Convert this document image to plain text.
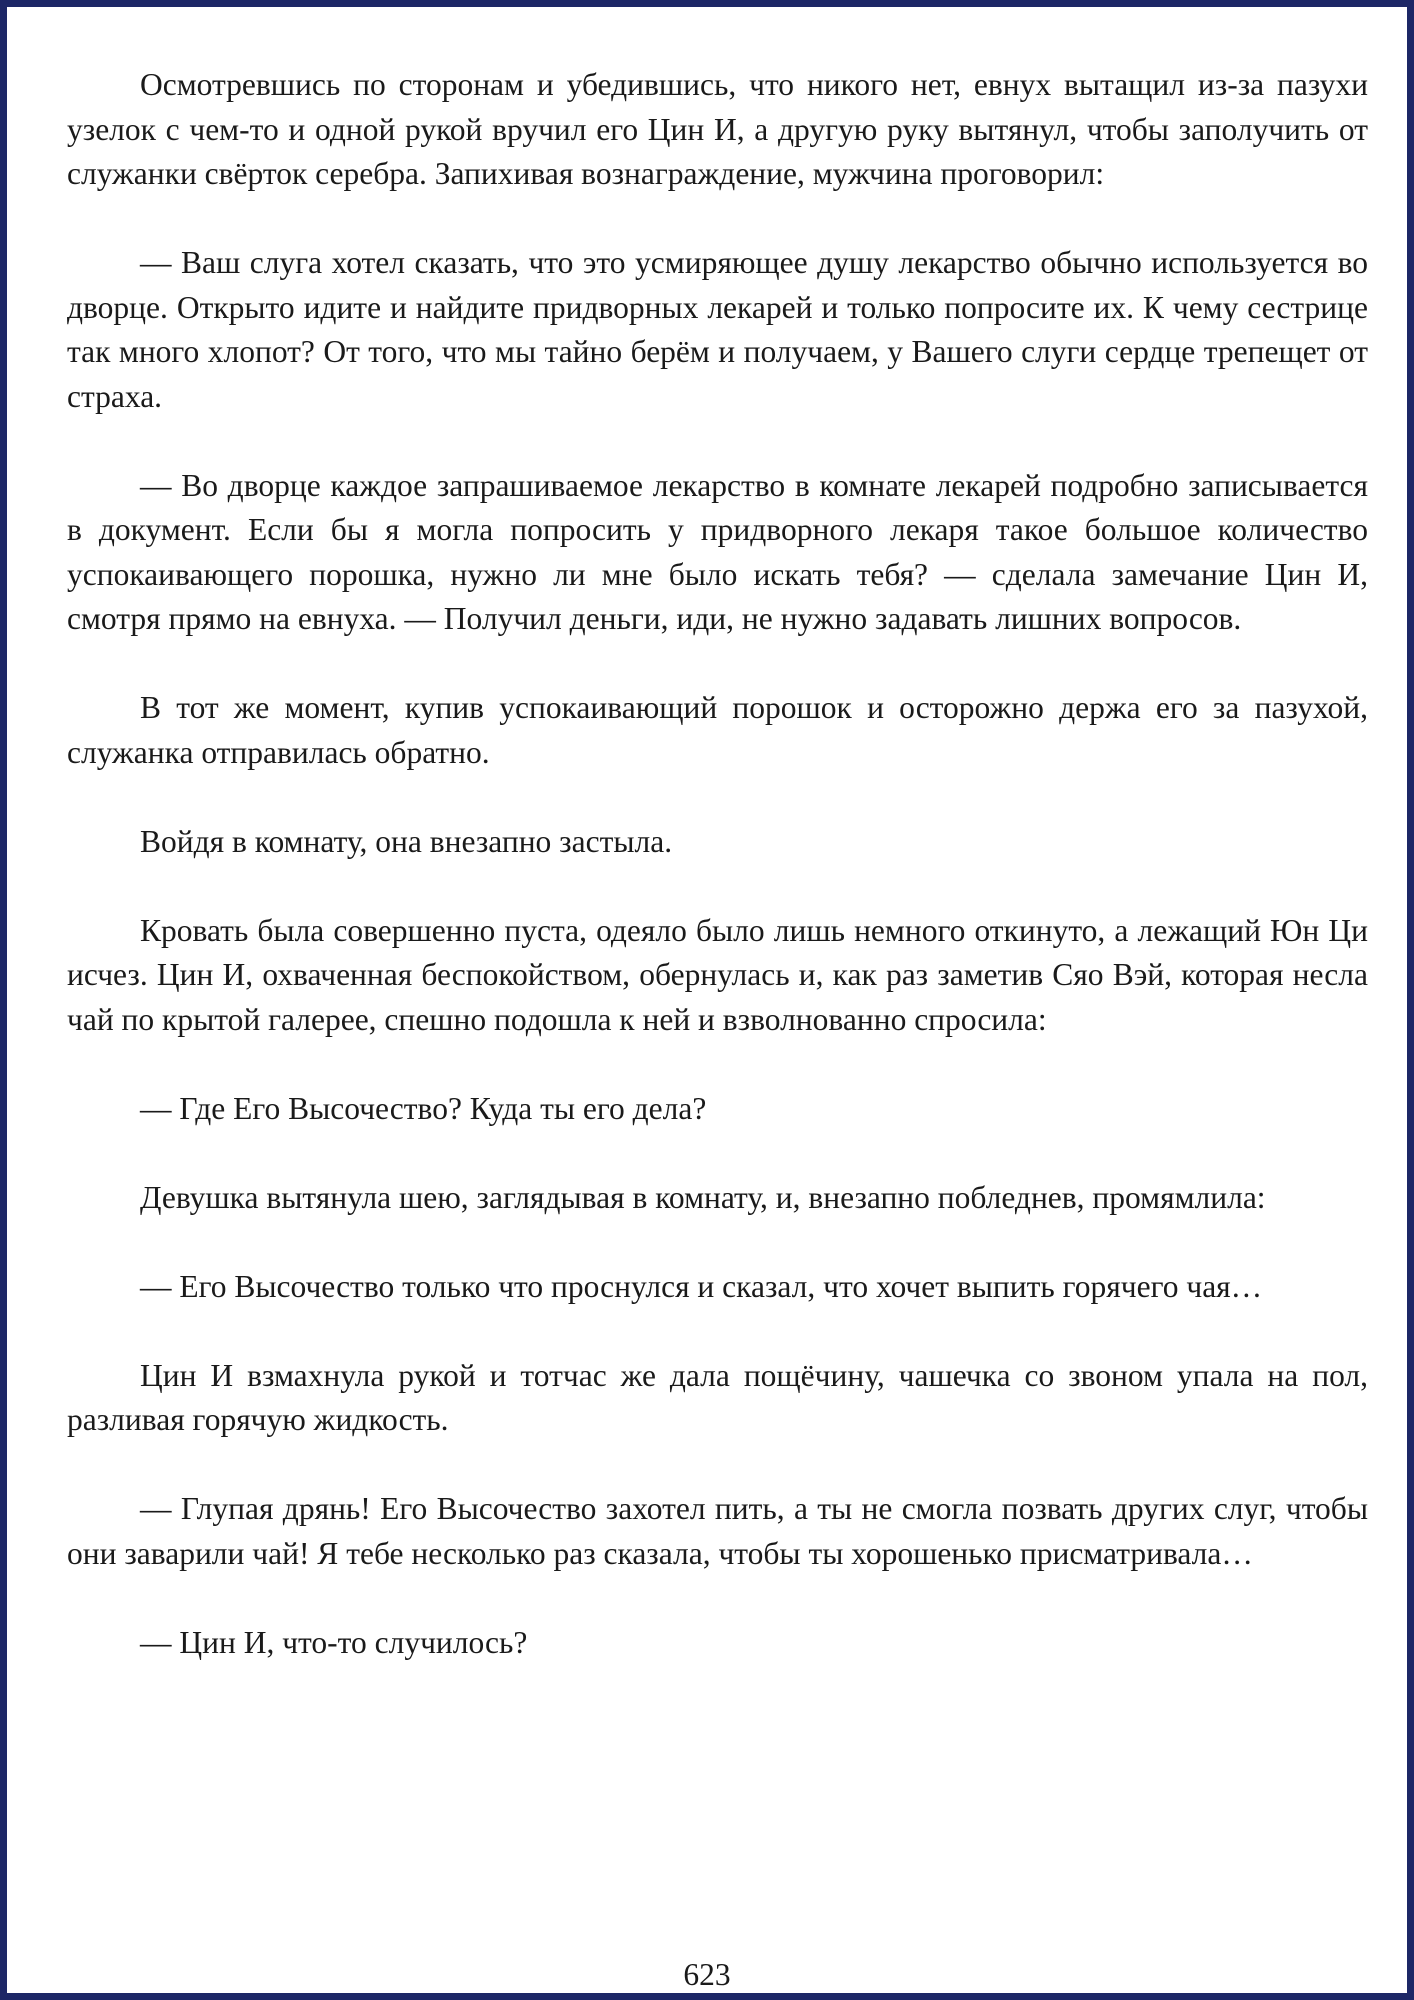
Осмотревшись по сторонам и убедившись, что никого нет, евнух вытащил из-за пазухи узелок с чем-то и одной рукой вручил его Цин И, а другую руку вытянул, чтобы заполучить от служанки свёрток серебра. Запихивая вознаграждение, мужчина проговорил:

— Ваш слуга хотел сказать, что это усмиряющее душу лекарство обычно используется во дворце. Открыто идите и найдите придворных лекарей и только попросите их. К чему сестрице так много хлопот? От того, что мы тайно берём и получаем, у Вашего слуги сердце трепещет от страха.

— Во дворце каждое запрашиваемое лекарство в комнате лекарей подробно записывается в документ. Если бы я могла попросить у придворного лекаря такое большое количество успокаивающего порошка, нужно ли мне было искать тебя? — сделала замечание Цин И, смотря прямо на евнуха. — Получил деньги, иди, не нужно задавать лишних вопросов.

В тот же момент, купив успокаивающий порошок и осторожно держа его за пазухой, служанка отправилась обратно.

Войдя в комнату, она внезапно застыла.

Кровать была совершенно пуста, одеяло было лишь немного откинуто, а лежащий Юн Ци исчез. Цин И, охваченная беспокойством, обернулась и, как раз заметив Сяо Вэй, которая несла чай по крытой галерее, спешно подошла к ней и взволнованно спросила:

— Где Его Высочество? Куда ты его дела?

Девушка вытянула шею, заглядывая в комнату, и, внезапно побледнев, промямлила:

— Его Высочество только что проснулся и сказал, что хочет выпить горячего чая…

Цин И взмахнула рукой и тотчас же дала пощёчину, чашечка со звоном упала на пол, разливая горячую жидкость.

— Глупая дрянь! Его Высочество захотел пить, а ты не смогла позвать других слуг, чтобы они заварили чай! Я тебе несколько раз сказала, чтобы ты хорошенько присматривала…

— Цин И, что-то случилось?

623
